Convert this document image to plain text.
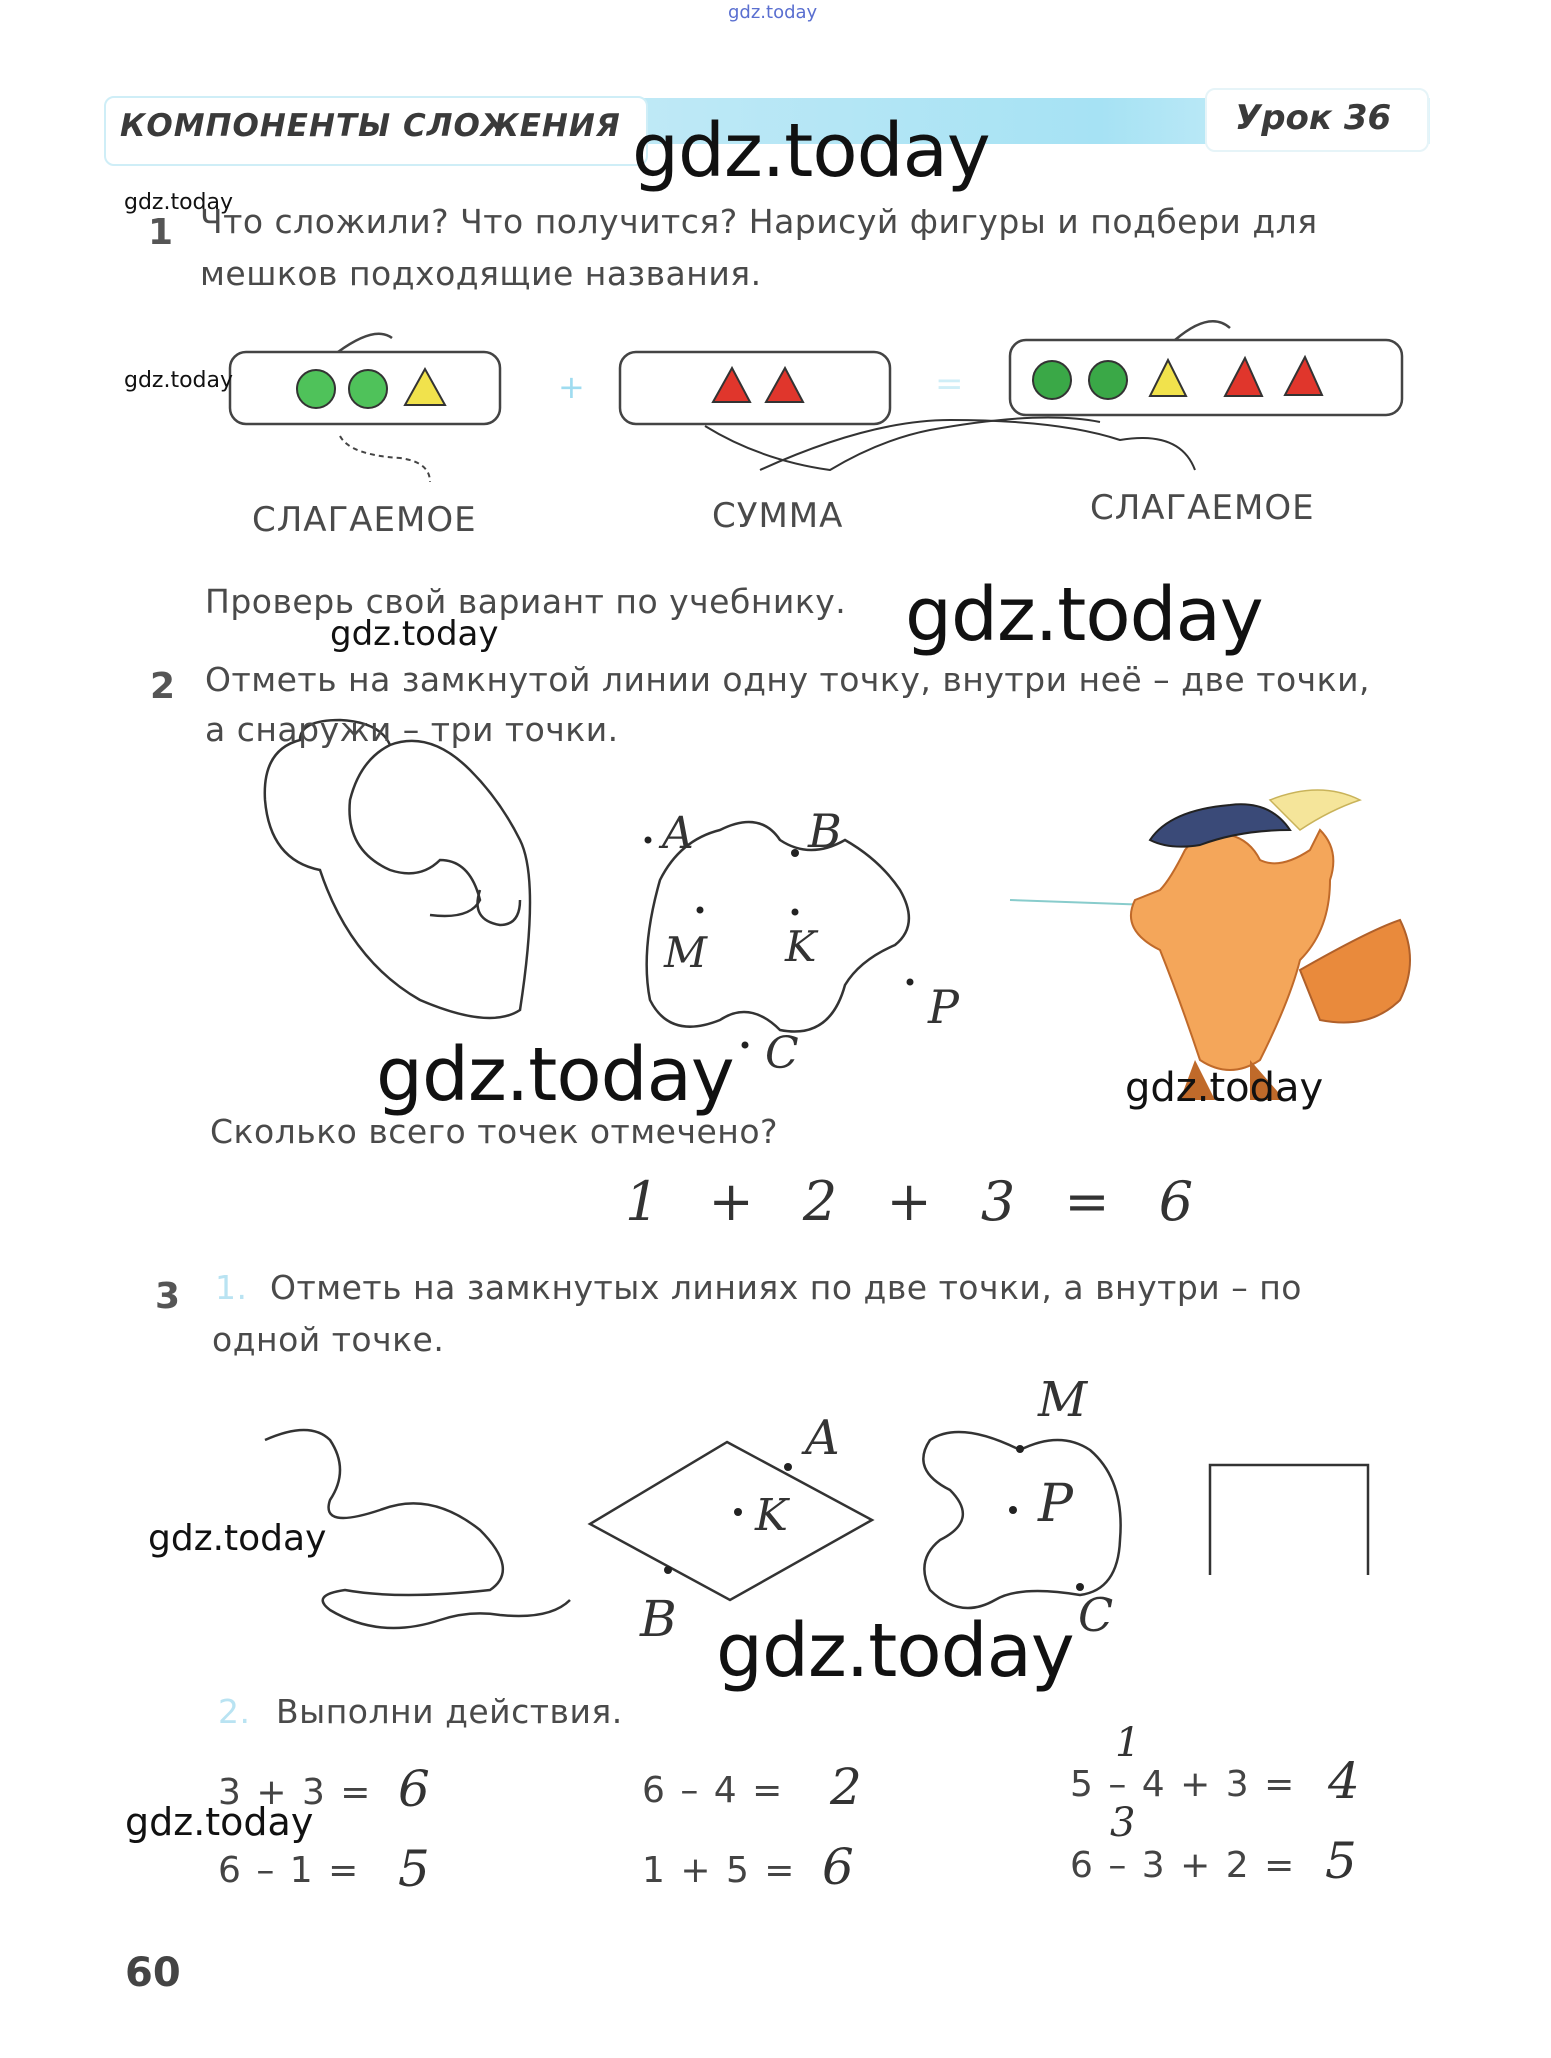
gdz.today
КОМПОНЕНТЫ СЛОЖЕНИЯ	Урок 36
1 Что сложили? Что получится? Нарисуй фигуры и подбери для
мешков подходящие названия.
+	=
СЛАГАЕМОЕ	СУММА	СЛАГАЕМОЕ
Проверь свой вариант по учебнику.
2 Отметь на замкнутой линии одну точку, внутри неё – две точки,
а снаружи – три точки.
A B
M K
P
C
Сколько всего точек отмечено?
1 + 2 + 3 = 6
3 1. Отметь на замкнутых линиях по две точки, а внутри – по
одной точке.
A
K
B
M
P
C
2. Выполни действия.
3 + 3 = 6
6 – 1 = 5
6 – 4 = 2
1 + 5 = 6
1
5 – 4 + 3 = 4
3
6 – 3 + 2 = 5
60
gdz.today
gdz.today
gdz.today
gdz.today
gdz.today
gdz.today	gdz.today
gdz.today
gdz.today
gdz.today
